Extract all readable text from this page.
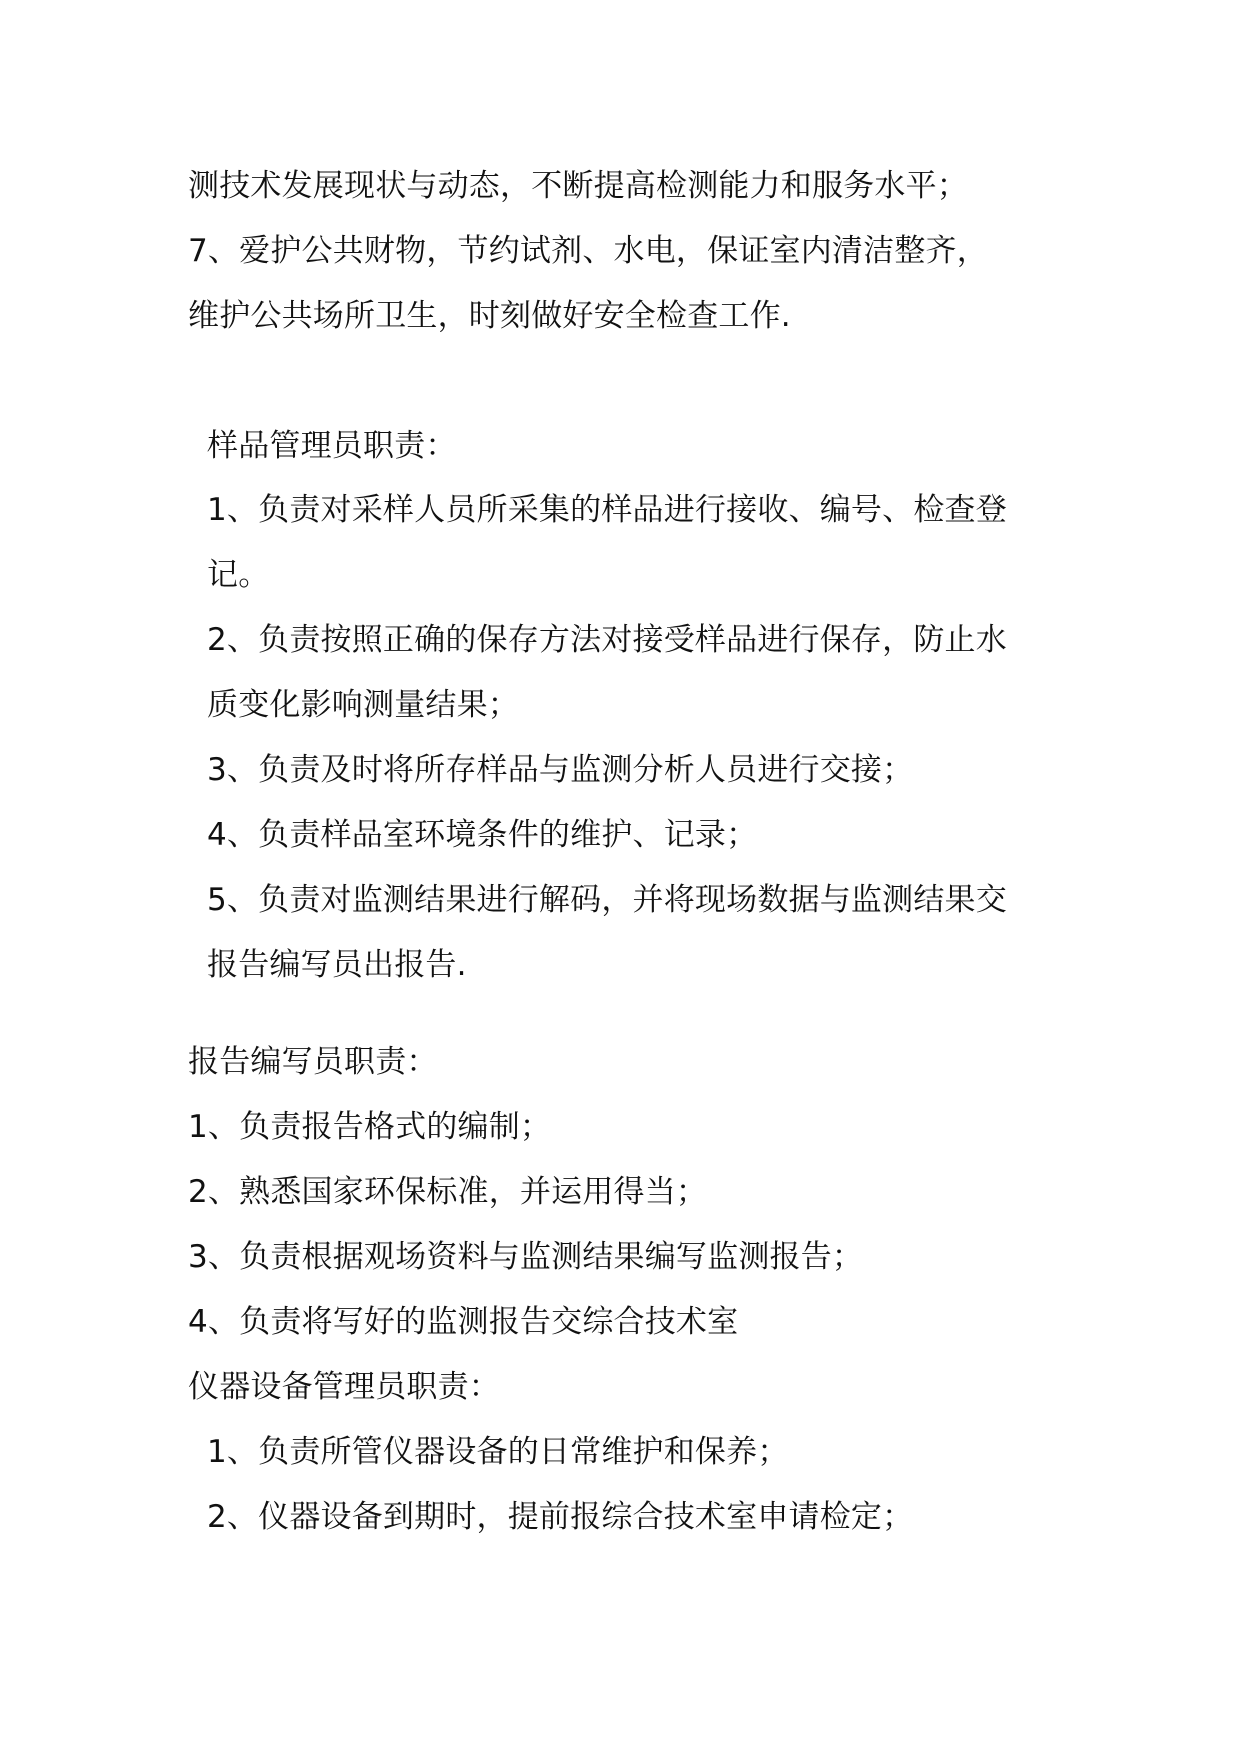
测技术发展现状与动态，不断提高检测能力和服务水平；
7、爱护公共财物，节约试剂、水电，保证室内清洁整齐，
维护公共场所卫生，时刻做好安全检查工作.
样品管理员职责：
1、负责对采样人员所采集的样品进行接收、编号、检查登
记。
2、负责按照正确的保存方法对接受样品进行保存，防止水
质变化影响测量结果；
3、负责及时将所存样品与监测分析人员进行交接；
4、负责样品室环境条件的维护、记录；
5、负责对监测结果进行解码，并将现场数据与监测结果交
报告编写员出报告.
报告编写员职责：
1、负责报告格式的编制；
2、熟悉国家环保标准，并运用得当；
3、负责根据观场资料与监测结果编写监测报告；
4、负责将写好的监测报告交综合技术室
仪器设备管理员职责：
1、负责所管仪器设备的日常维护和保养；
2、仪器设备到期时，提前报综合技术室申请检定；
